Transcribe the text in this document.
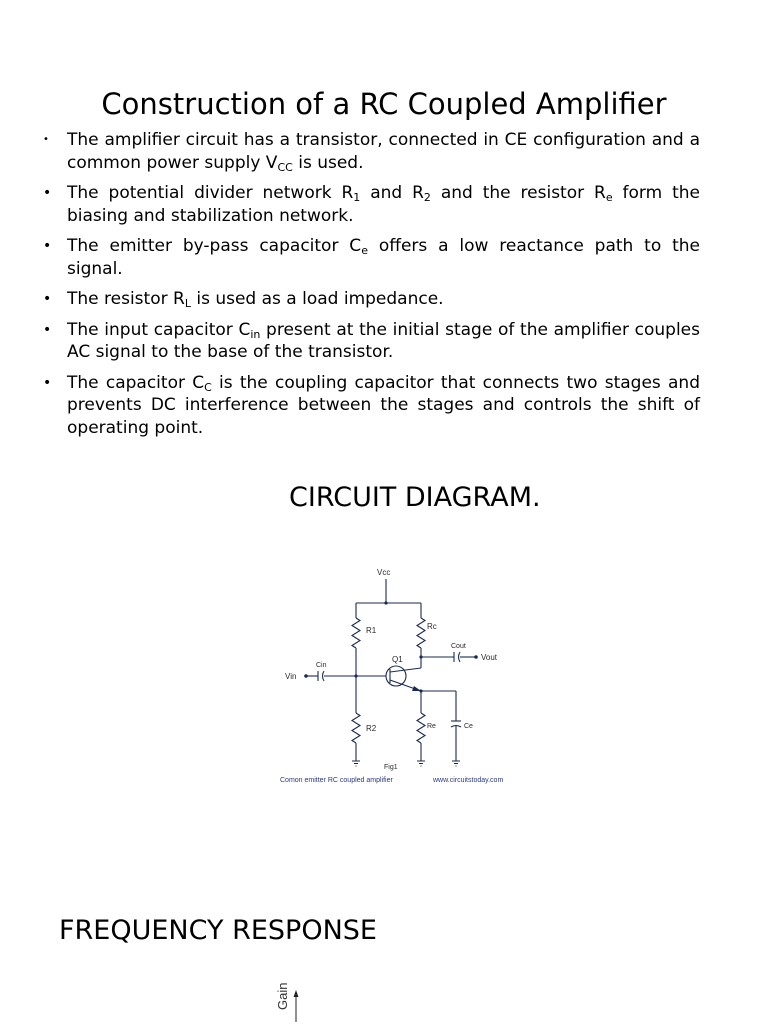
Construction of a RC Coupled Amplifier
• The amplifier circuit has a transistor, connected in CE configuration and a common power supply $V_{CC}$ is used.
• The potential divider network $R_1$ and $R_2$ and the resistor $R_e$ form the biasing and stabilization network.
• The emitter by-pass capacitor $C_e$ offers a low reactance path to the signal.
• The resistor $R_L$ is used as a load impedance.
• The input capacitor $C_{in}$ present at the initial stage of the amplifier couples AC signal to the base of the transistor.
• The capacitor $C_C$ is the coupling capacitor that connects two stages and prevents DC interference between the stages and controls the shift of operating point.
CIRCUIT DIAGRAM.
Vcc
R1	Rc
Cout
Vout
Q1
Cin
Vin
R2	Re	Ce
Fig1
Comon emitter RC coupled amplifier	www.circuitstoday.com
FREQUENCY RESPONSE
Gain
